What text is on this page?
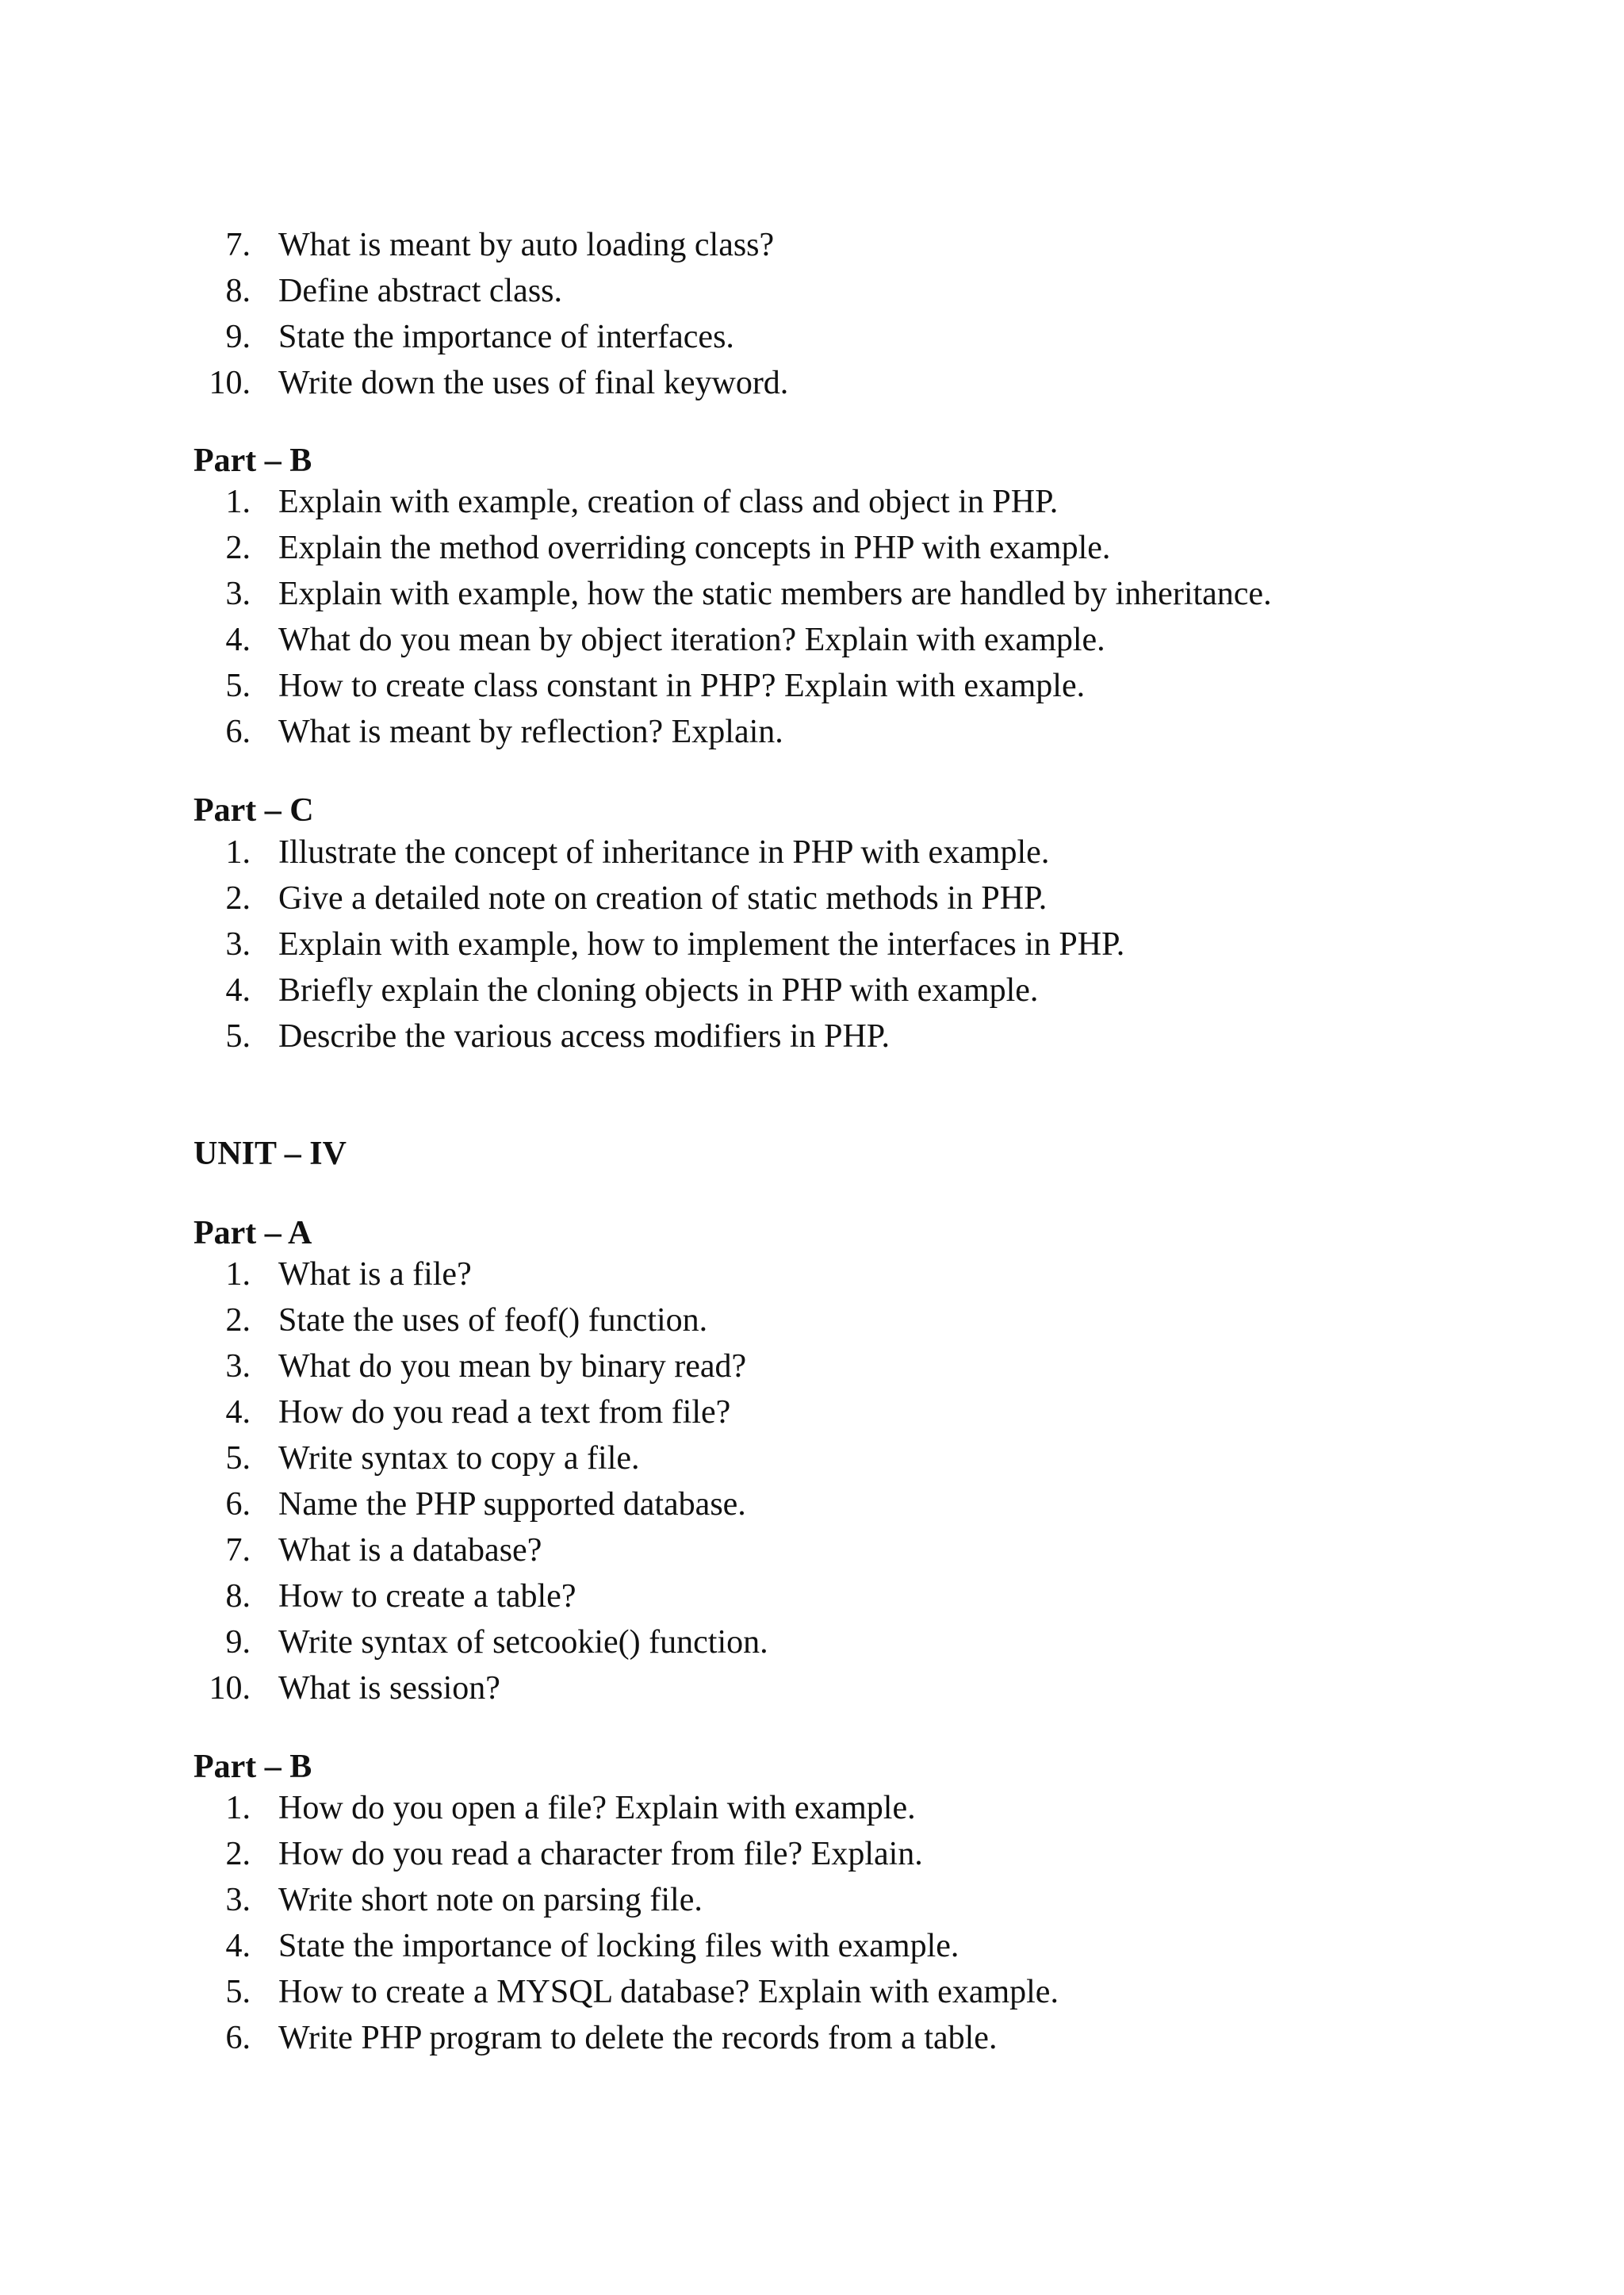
7. What is meant by auto loading class?
8. Define abstract class.
9. State the importance of interfaces.
10. Write down the uses of final keyword.
Part – B
1. Explain with example, creation of class and object in PHP.
2. Explain the method overriding concepts in PHP with example.
3. Explain with example, how the static members are handled by inheritance.
4. What do you mean by object iteration? Explain with example.
5. How to create class constant in PHP? Explain with example.
6. What is meant by reflection? Explain.
Part – C
1. Illustrate the concept of inheritance in PHP with example.
2. Give a detailed note on creation of static methods in PHP.
3. Explain with example, how to implement the interfaces in PHP.
4. Briefly explain the cloning objects in PHP with example.
5. Describe the various access modifiers in PHP.
UNIT – IV
Part – A
1. What is a file?
2. State the uses of feof() function.
3. What do you mean by binary read?
4. How do you read a text from file?
5. Write syntax to copy a file.
6. Name the PHP supported database.
7. What is a database?
8. How to create a table?
9. Write syntax of setcookie() function.
10. What is session?
Part – B
1. How do you open a file? Explain with example.
2. How do you read a character from file? Explain.
3. Write short note on parsing file.
4. State the importance of locking files with example.
5. How to create a MYSQL database? Explain with example.
6. Write PHP program to delete the records from a table.
